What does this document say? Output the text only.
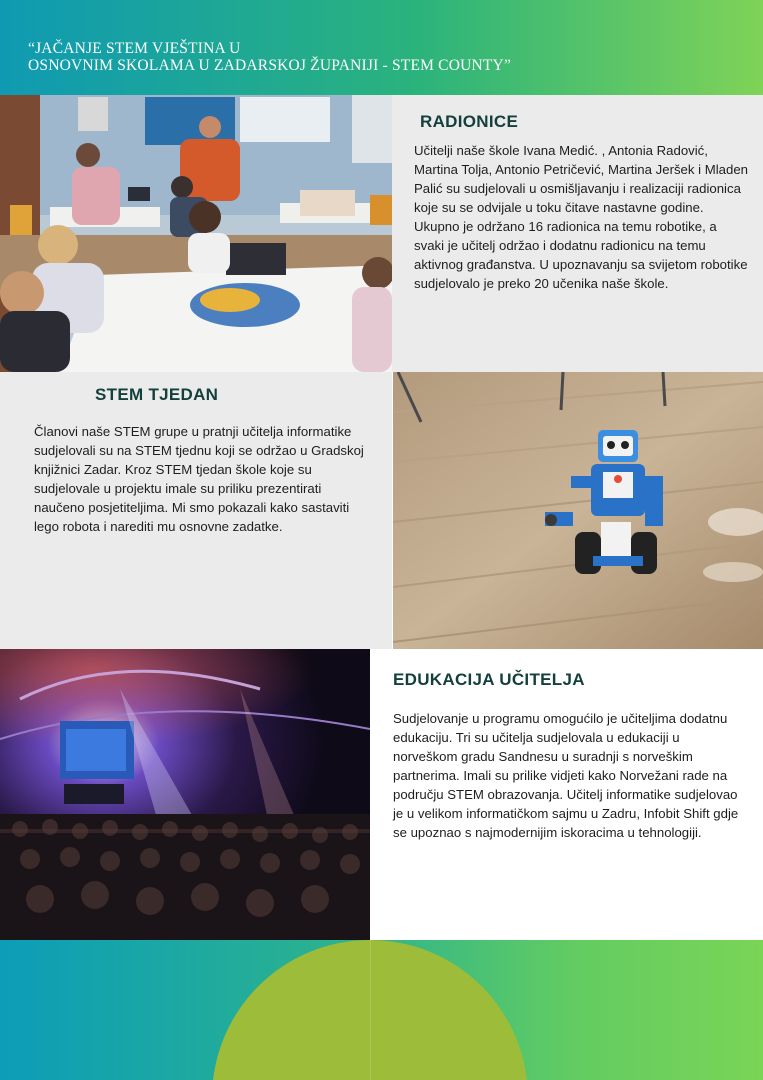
“JAČANJE STEM VJEŠTINA U
OSNOVNIM SKOLAMA U ZADARSKOJ ŽUPANIJI - STEM COUNTY”
RADIONICE
Učitelji naše škole Ivana Medić. , Antonia Radović, Martina Tolja, Antonio Petričević, Martina Jeršek i Mladen Palić su sudjelovali u osmišljavanju i realizaciji radionica koje su se odvijale u toku čitave nastavne godine. Ukupno je održano 16 radionica na temu robotike, a svaki je učitelj održao i dodatnu radionicu na temu aktivnog građanstva. U upoznavanju sa svijetom robotike sudjelovalo je preko 20 učenika naše škole.
STEM TJEDAN
Članovi naše STEM grupe u pratnji učitelja informatike sudjelovali su na STEM tjednu koji se održao u Gradskoj knjižnici Zadar. Kroz STEM tjedan škole koje su sudjelovale u projektu imale su priliku prezentirati naučeno posjetiteljima. Mi smo pokazali kako sastaviti lego robota i narediti mu osnovne zadatke.
EDUKACIJA UČITELJA
Sudjelovanje u programu omogućilo je učiteljima dodatnu edukaciju. Tri su učitelja sudjelovala u edukaciji u norveškom gradu Sandnesu u suradnji s norveškim partnerima. Imali su prilike vidjeti kako Norvežani rade na području STEM obrazovanja. Učitelj informatike sudjelovao je u velikom informatičkom sajmu u Zadru, Infobit Shift gdje se upoznao s najmodernijim iskoracima u tehnologiji.
